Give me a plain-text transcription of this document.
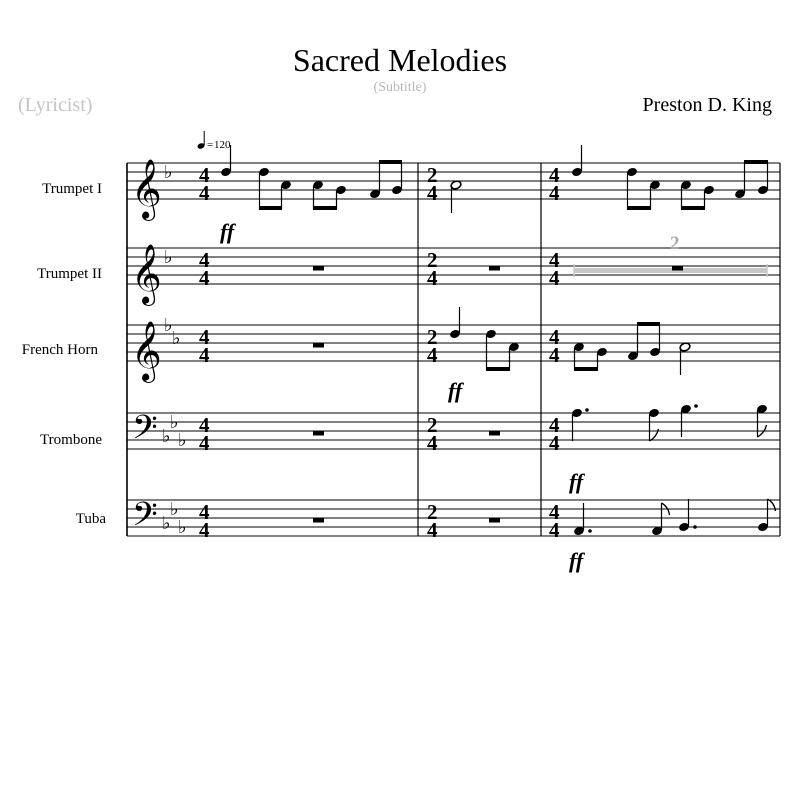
Sacred Melodies
(Subtitle)
(Lyricist)	Preston D. King
Trumpet I
Trumpet II
French Horn
Trombone
Tuba
= 120
𝄞
𝄞
𝄞
𝄢
𝄢
♭
♭
♭
♭
♭
♭
♭
♭
♭
♭
4
4
4
4
4
4
4
4
4
4
2
4
2
4
2
4
2
4
2
4
4
4
4
4
4
4
4
4
4
4
2
ff
ff
ff
ff
